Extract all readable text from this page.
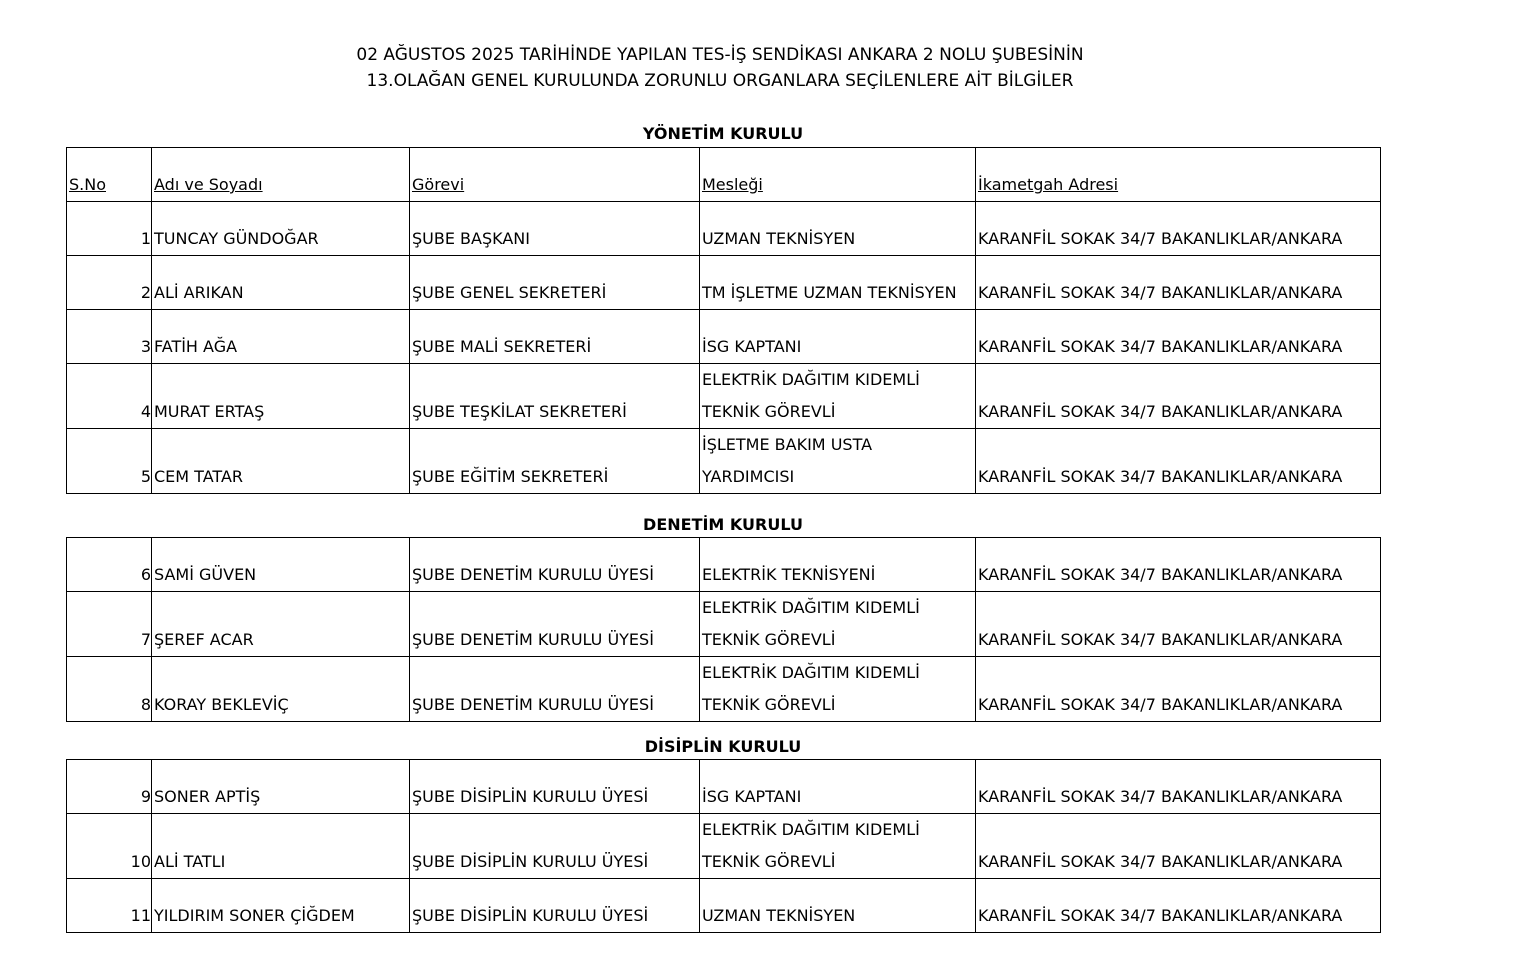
02 AĞUSTOS 2025 TARİHİNDE YAPILAN TES-İŞ SENDİKASI ANKARA 2 NOLU ŞUBESİNİN
13.OLAĞAN GENEL KURULUNDA ZORUNLU ORGANLARA SEÇİLENLERE AİT BİLGİLER
YÖNETİM KURULU
S.No	Adı ve Soyadı	Görevi	Mesleği	İkametgah Adresi
1	TUNCAY GÜNDOĞAR	ŞUBE BAŞKANI	UZMAN TEKNİSYEN	KARANFİL SOKAK 34/7 BAKANLIKLAR/ANKARA
2	ALİ ARIKAN	ŞUBE GENEL SEKRETERİ	TM İŞLETME UZMAN TEKNİSYEN	KARANFİL SOKAK 34/7 BAKANLIKLAR/ANKARA
3	FATİH AĞA	ŞUBE MALİ SEKRETERİ	İSG KAPTANI	KARANFİL SOKAK 34/7 BAKANLIKLAR/ANKARA
4	MURAT ERTAŞ	ŞUBE TEŞKİLAT SEKRETERİ	ELEKTRİK DAĞITIM KIDEMLİ
TEKNİK GÖREVLİ	KARANFİL SOKAK 34/7 BAKANLIKLAR/ANKARA
5	CEM TATAR	ŞUBE EĞİTİM SEKRETERİ	İŞLETME BAKIM USTA
YARDIMCISI	KARANFİL SOKAK 34/7 BAKANLIKLAR/ANKARA
DENETİM KURULU
6	SAMİ GÜVEN	ŞUBE DENETİM KURULU ÜYESİ	ELEKTRİK TEKNİSYENİ	KARANFİL SOKAK 34/7 BAKANLIKLAR/ANKARA
7	ŞEREF ACAR	ŞUBE DENETİM KURULU ÜYESİ	ELEKTRİK DAĞITIM KIDEMLİ
TEKNİK GÖREVLİ	KARANFİL SOKAK 34/7 BAKANLIKLAR/ANKARA
8	KORAY BEKLEVİÇ	ŞUBE DENETİM KURULU ÜYESİ	ELEKTRİK DAĞITIM KIDEMLİ
TEKNİK GÖREVLİ	KARANFİL SOKAK 34/7 BAKANLIKLAR/ANKARA
DİSİPLİN KURULU
9	SONER APTİŞ	ŞUBE DİSİPLİN KURULU ÜYESİ	İSG KAPTANI	KARANFİL SOKAK 34/7 BAKANLIKLAR/ANKARA
10	ALİ TATLI	ŞUBE DİSİPLİN KURULU ÜYESİ	ELEKTRİK DAĞITIM KIDEMLİ
TEKNİK GÖREVLİ	KARANFİL SOKAK 34/7 BAKANLIKLAR/ANKARA
11	YILDIRIM SONER ÇİĞDEM	ŞUBE DİSİPLİN KURULU ÜYESİ	UZMAN TEKNİSYEN	KARANFİL SOKAK 34/7 BAKANLIKLAR/ANKARA
